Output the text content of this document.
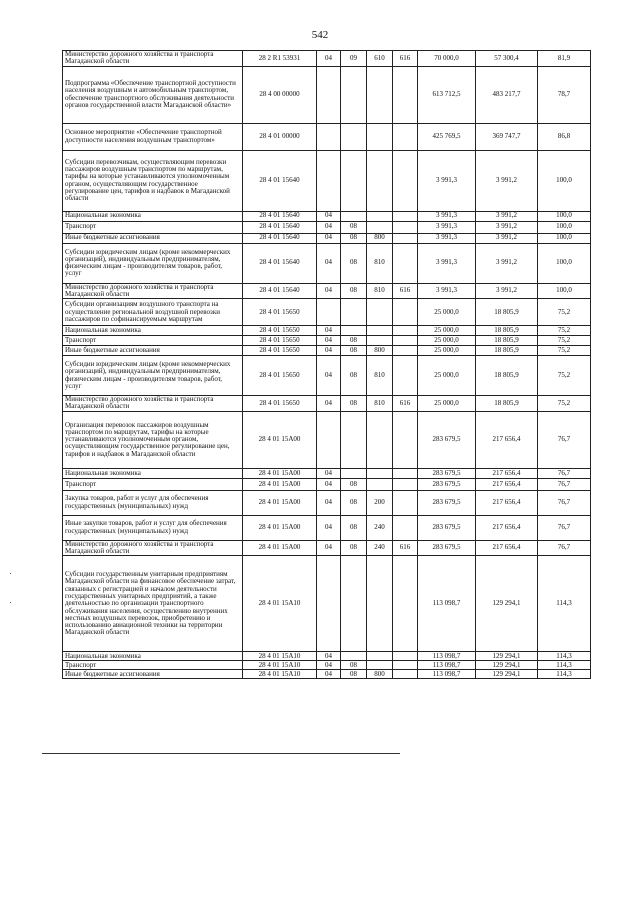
542
Министерство дорожного хозяйства и транспорта Магаданской области	28 2 R1 53931	04	09	610	616	70 000,0	57 300,4	81,9
Подпрограмма «Обеспечение транспортной доступности населения воздушным и автомобильным транспортом, обеспечение транспортного обслуживания деятельности органов государственной власти Магаданской области»	28 4 00 00000					613 712,5	483 217,7	78,7
Основное мероприятие «Обеспечение транспортной доступности населения воздушным транспортом»	28 4 01 00000					425 769,5	369 747,7	86,8
Субсидии перевозчикам, осуществляющим перевозки пассажиров воздушным транспортом по маршрутам, тарифы на которые устанавливаются уполномоченным органом, осуществляющим государственное регулирование цен, тарифов и надбавок в Магаданской области	28 4 01 15640					3 991,3	3 991,2	100,0
Национальная экономика	28 4 01 15640	04				3 991,3	3 991,2	100,0
Транспорт	28 4 01 15640	04	08			3 991,3	3 991,2	100,0
Иные бюджетные ассигнования	28 4 01 15640	04	08	800		3 991,3	3 991,2	100,0
Субсидии юридическим лицам (кроме некоммерческих организаций), индивидуальным предпринимателям, физическим лицам - производителям товаров, работ, услуг	28 4 01 15640	04	08	810		3 991,3	3 991,2	100,0
Министерство дорожного хозяйства и транспорта Магаданской области	28 4 01 15640	04	08	810	616	3 991,3	3 991,2	100,0
Субсидии организациям воздушного транспорта на осуществление региональной воздушной перевозки пассажиров по софинансируемым маршрутам	28 4 01 15650					25 000,0	18 805,9	75,2
Национальная экономика	28 4 01 15650	04				25 000,0	18 805,9	75,2
Транспорт	28 4 01 15650	04	08			25 000,0	18 805,9	75,2
Иные бюджетные ассигнования	28 4 01 15650	04	08	800		25 000,0	18 805,9	75,2
Субсидии юридическим лицам (кроме некоммерческих организаций), индивидуальным предпринимателям, физическим лицам - производителям товаров, работ, услуг	28 4 01 15650	04	08	810		25 000,0	18 805,9	75,2
Министерство дорожного хозяйства и транспорта Магаданской области	28 4 01 15650	04	08	810	616	25 000,0	18 805,9	75,2
Организация перевозок пассажиров воздушным транспортом по маршрутам, тарифы на которые устанавливаются уполномоченным органом, осуществляющим государственное регулирование цен, тарифов и надбавок в Магаданской области	28 4 01 15А00					283 679,5	217 656,4	76,7
Национальная экономика	28 4 01 15А00	04				283 679,5	217 656,4	76,7
Транспорт	28 4 01 15А00	04	08			283 679,5	217 656,4	76,7
Закупка товаров, работ и услуг для обеспечения государственных (муниципальных) нужд	28 4 01 15А00	04	08	200		283 679,5	217 656,4	76,7
Иные закупки товаров, работ и услуг для обеспечения государственных (муниципальных) нужд	28 4 01 15А00	04	08	240		283 679,5	217 656,4	76,7
Министерство дорожного хозяйства и транспорта Магаданской области	28 4 01 15А00	04	08	240	616	283 679,5	217 656,4	76,7
Субсидии государственным унитарным предприятиям Магаданской области на финансовое обеспечение затрат, связанных с регистрацией и началом деятельности государственных унитарных предприятий, а также деятельностью по организации транспортного обслуживания населения, осуществлению внутренних местных воздушных перевозок, приобретению и использованию авиационной техники на территории Магаданской области	28 4 01 15А10					113 098,7	129 294,1	114,3
Национальная экономика	28 4 01 15А10	04				113 098,7	129 294,1	114,3
Транспорт	28 4 01 15А10	04	08			113 098,7	129 294,1	114,3
Иные бюджетные ассигнования	28 4 01 15А10	04	08	800		113 098,7	129 294,1	114,3
